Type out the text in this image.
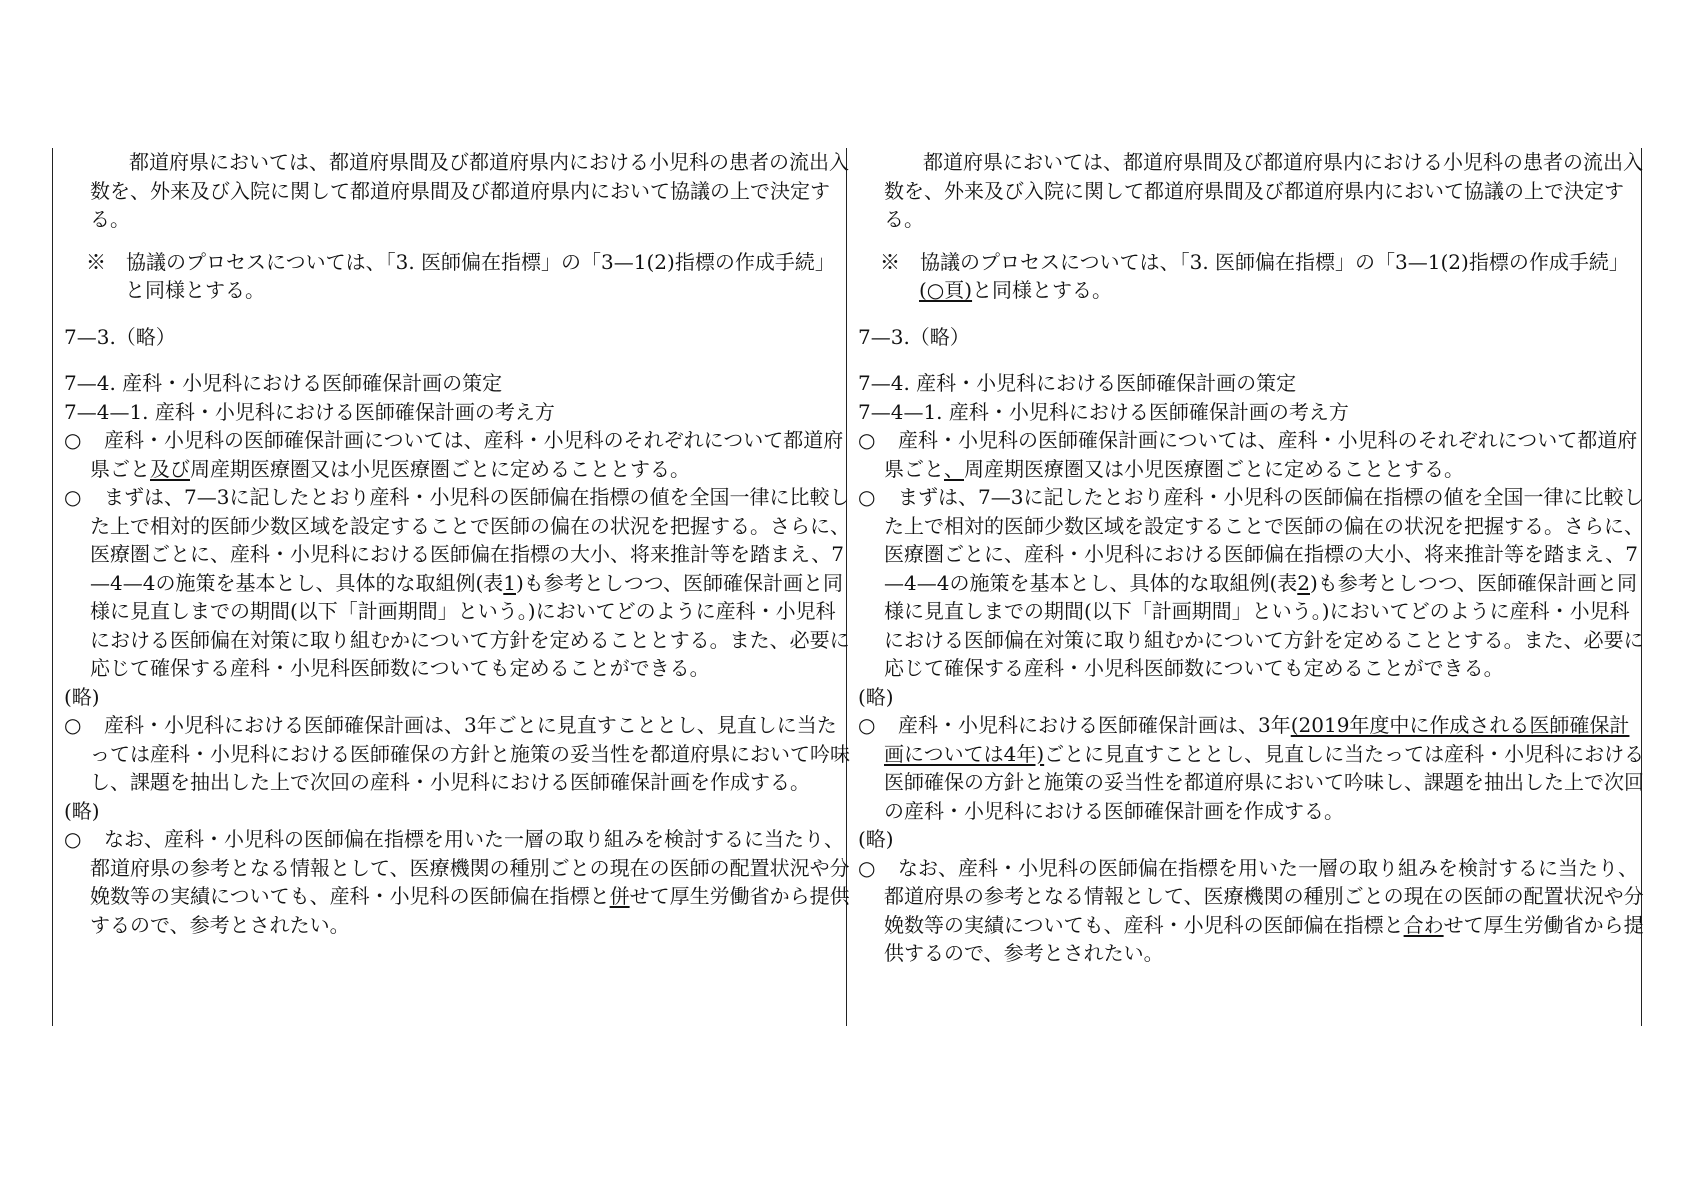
都道府県においては、都道府県間及び都道府県内における小児科の患者の流出入数を、外来及び入院に関して都道府県間及び都道府県内において協議の上で決定する。

※　 協議のプロセスについては、「3. 医師偏在指標」の「3—1(2)指標の作成手続」と同様とする。

7—3.（略）

7—4. 産科・小児科における医師確保計画の策定

7—4—1. 産科・小児科における医師確保計画の考え方

○ 産科・小児科の医師確保計画については、産科・小児科のそれぞれについて都道府県ごと及び周産期医療圏又は小児医療圏ごとに定めることとする。

○ まずは、7—3に記したとおり産科・小児科の医師偏在指標の値を全国一律に比較した上で相対的医師少数区域を設定することで医師の偏在の状況を把握する。さらに、医療圏ごとに、産科・小児科における医師偏在指標の大小、将来推計等を踏まえ、7—4—4の施策を基本とし、具体的な取組例(表1)も参考としつつ、医師確保計画と同様に見直しまでの期間(以下「計画期間」という。)においてどのように産科・小児科における医師偏在対策に取り組むかについて方針を定めることとする。また、必要に応じて確保する産科・小児科医師数についても定めることができる。

(略)

○ 産科・小児科における医師確保計画は、3年ごとに見直すこととし、見直しに当たっては産科・小児科における医師確保の方針と施策の妥当性を都道府県において吟味し、課題を抽出した上で次回の産科・小児科における医師確保計画を作成する。

(略)

○ なお、産科・小児科の医師偏在指標を用いた一層の取り組みを検討するに当たり、都道府県の参考となる情報として、医療機関の種別ごとの現在の医師の配置状況や分娩数等の実績についても、産科・小児科の医師偏在指標と併せて厚生労働省から提供するので、参考とされたい。

都道府県においては、都道府県間及び都道府県内における小児科の患者の流出入数を、外来及び入院に関して都道府県間及び都道府県内において協議の上で決定する。

※　 協議のプロセスについては、「3. 医師偏在指標」の「3—1(2)指標の作成手続」(○頁)と同様とする。

7—3.（略）

7—4. 産科・小児科における医師確保計画の策定

7—4—1. 産科・小児科における医師確保計画の考え方

○ 産科・小児科の医師確保計画については、産科・小児科のそれぞれについて都道府県ごと、周産期医療圏又は小児医療圏ごとに定めることとする。

○ まずは、7—3に記したとおり産科・小児科の医師偏在指標の値を全国一律に比較した上で相対的医師少数区域を設定することで医師の偏在の状況を把握する。さらに、医療圏ごとに、産科・小児科における医師偏在指標の大小、将来推計等を踏まえ、7—4—4の施策を基本とし、具体的な取組例(表2)も参考としつつ、医師確保計画と同様に見直しまでの期間(以下「計画期間」という。)においてどのように産科・小児科における医師偏在対策に取り組むかについて方針を定めることとする。また、必要に応じて確保する産科・小児科医師数についても定めることができる。

(略)

○ 産科・小児科における医師確保計画は、3年(2019年度中に作成される医師確保計画については4年)ごとに見直すこととし、見直しに当たっては産科・小児科における医師確保の方針と施策の妥当性を都道府県において吟味し、課題を抽出した上で次回の産科・小児科における医師確保計画を作成する。

(略)

○ なお、産科・小児科の医師偏在指標を用いた一層の取り組みを検討するに当たり、都道府県の参考となる情報として、医療機関の種別ごとの現在の医師の配置状況や分娩数等の実績についても、産科・小児科の医師偏在指標と合わせて厚生労働省から提供するので、参考とされたい。
